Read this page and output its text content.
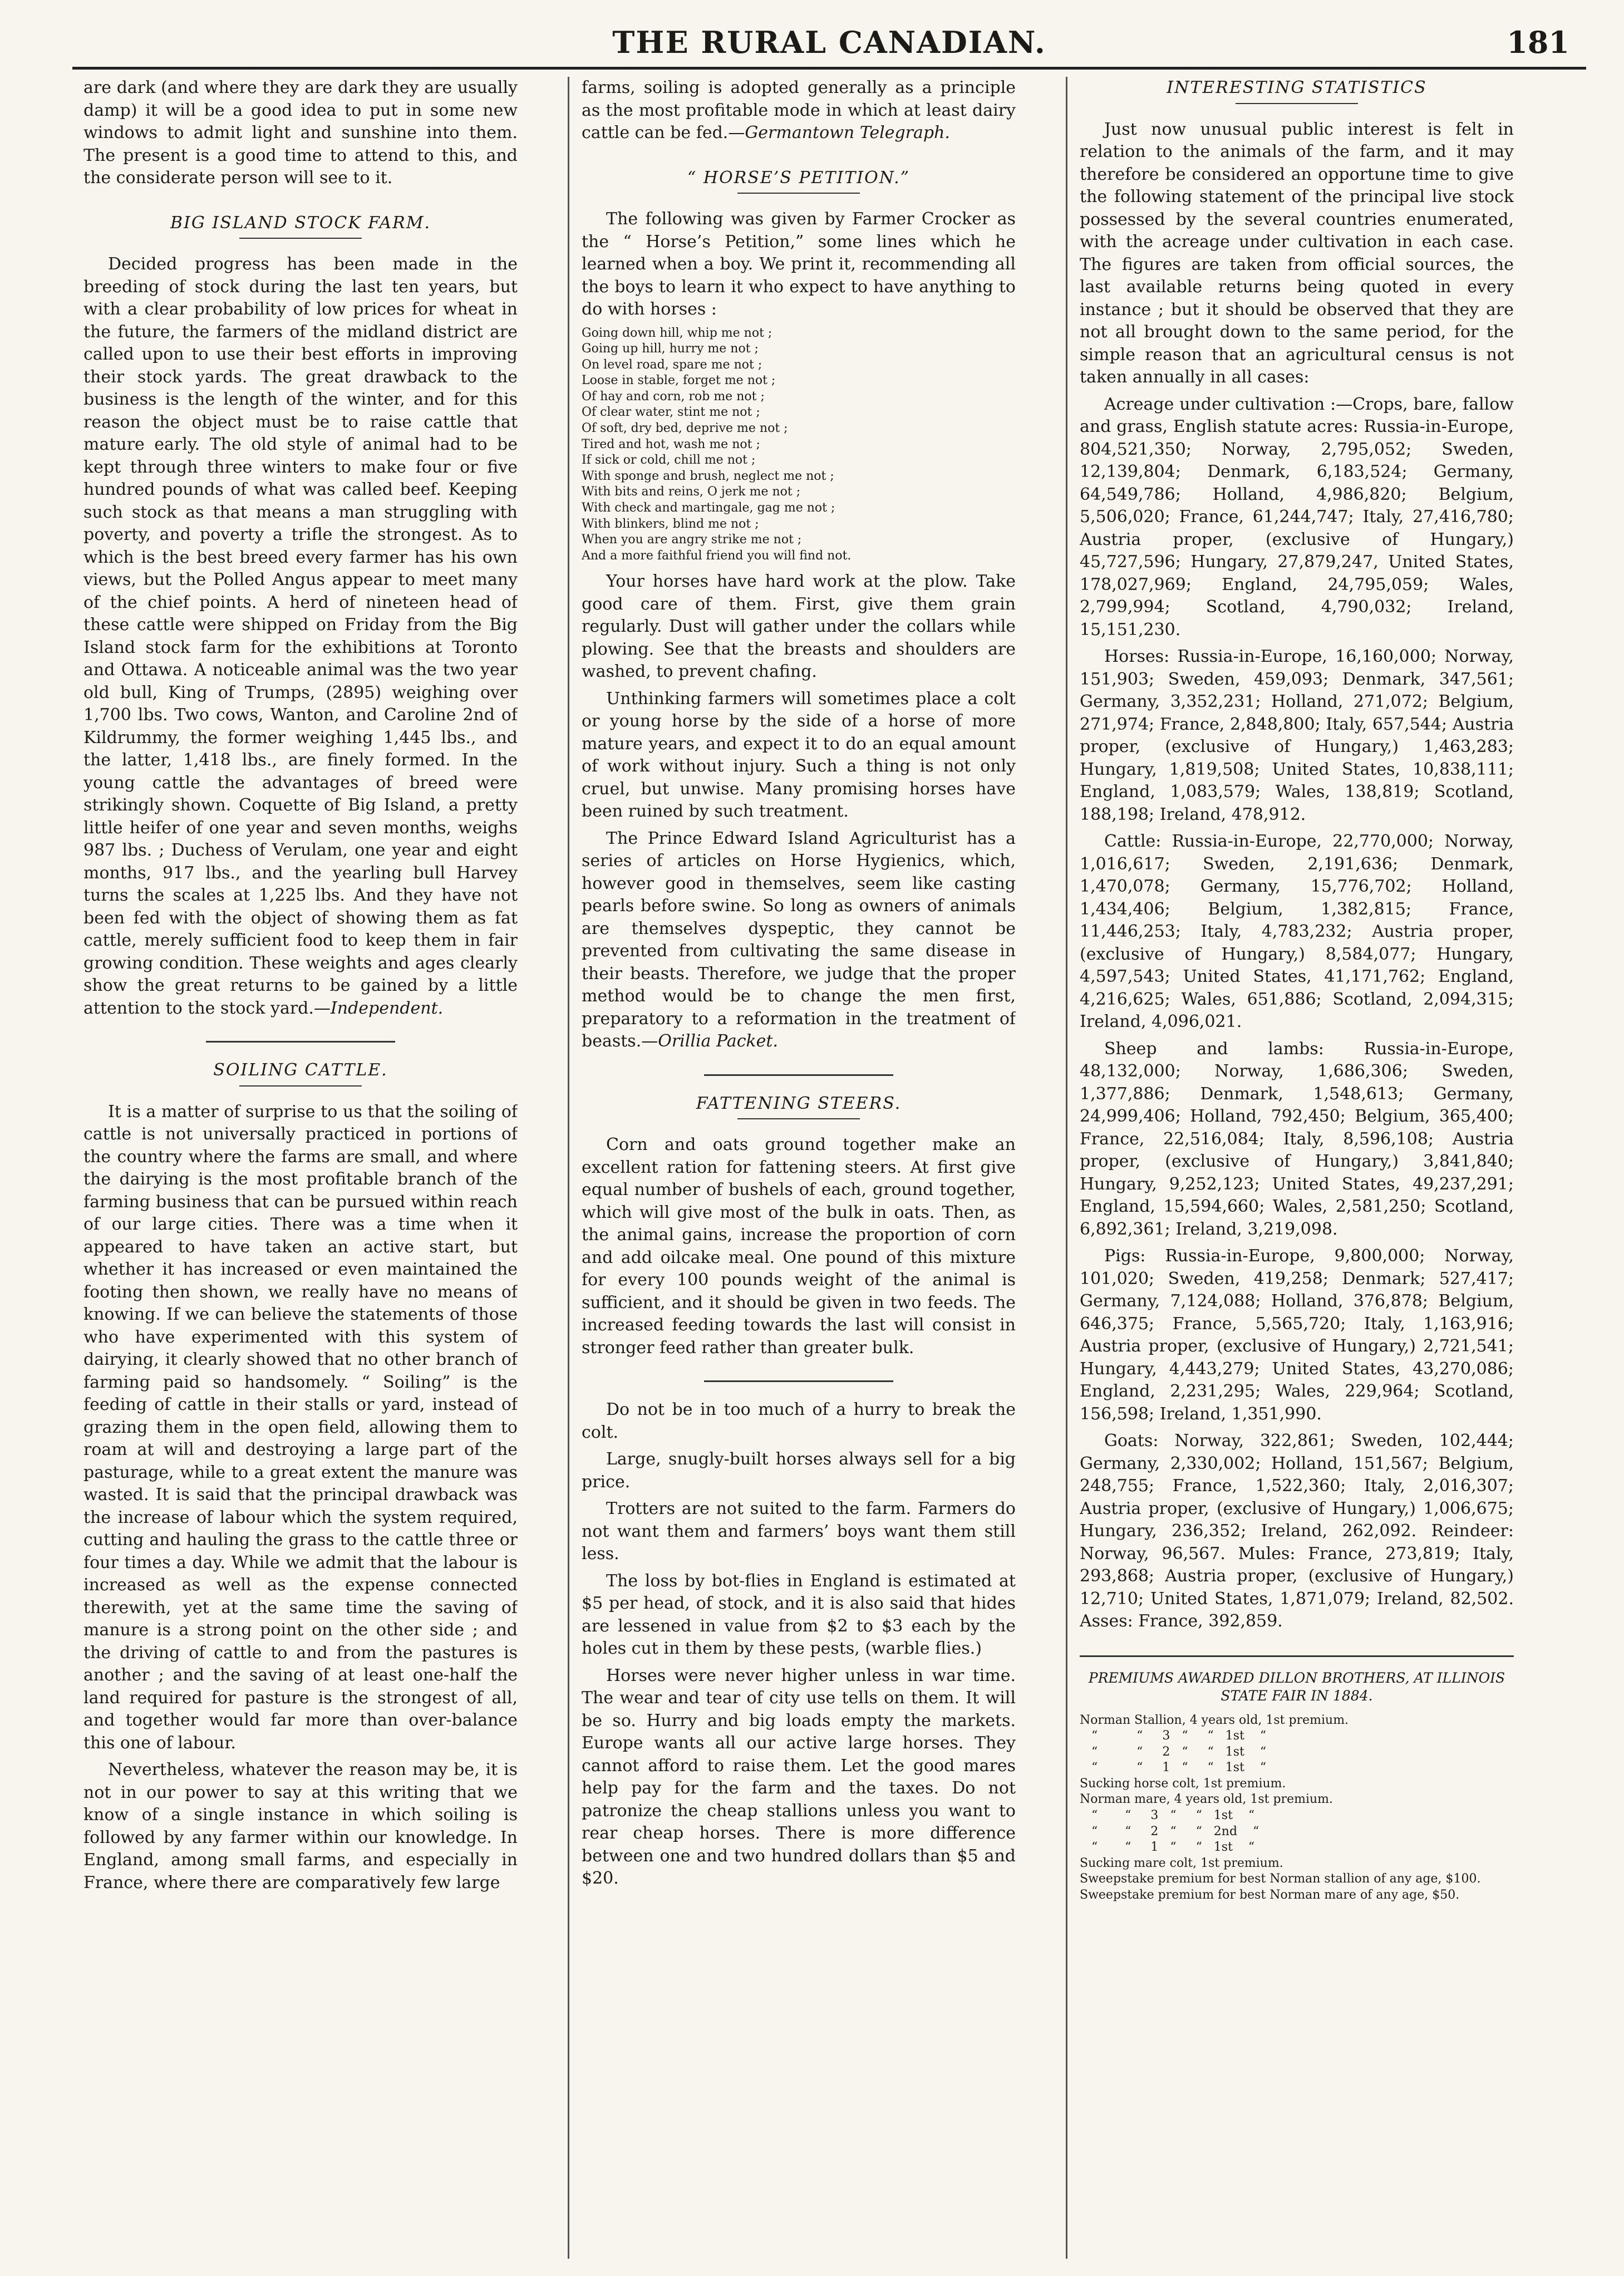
THE RURAL CANADIAN.	181

are dark (and where they are dark they are usually damp) it will be a good idea to put in some new windows to admit light and sunshine into them. The present is a good time to attend to this, and the considerate person will see to it.

BIG ISLAND STOCK FARM.

Decided progress has been made in the breeding of stock during the last ten years, but with a clear probability of low prices for wheat in the future, the farmers of the midland district are called upon to use their best efforts in improving their stock yards. The great drawback to the business is the length of the winter, and for this reason the object must be to raise cattle that mature early. The old style of animal had to be kept through three winters to make four or five hundred pounds of what was called beef. Keeping such stock as that means a man struggling with poverty, and poverty a trifle the strongest. As to which is the best breed every farmer has his own views, but the Polled Angus appear to meet many of the chief points. A herd of nineteen head of these cattle were shipped on Friday from the Big Island stock farm for the exhibitions at Toronto and Ottawa. A noticeable animal was the two year old bull, King of Trumps, (2895) weighing over 1,700 lbs. Two cows, Wanton, and Caroline 2nd of Kildrummy, the former weighing 1,445 lbs., and the latter, 1,418 lbs., are finely formed. In the young cattle the advantages of breed were strikingly shown. Coquette of Big Island, a pretty little heifer of one year and seven months, weighs 987 lbs. ; Duchess of Verulam, one year and eight months, 917 lbs., and the yearling bull Harvey turns the scales at 1,225 lbs. And they have not been fed with the object of showing them as fat cattle, merely sufficient food to keep them in fair growing condition. These weights and ages clearly show the great returns to be gained by a little attention to the stock yard.—Independent.

SOILING CATTLE.

It is a matter of surprise to us that the soiling of cattle is not universally practiced in portions of the country where the farms are small, and where the dairying is the most profitable branch of the farming business that can be pursued within reach of our large cities. There was a time when it appeared to have taken an active start, but whether it has increased or even maintained the footing then shown, we really have no means of knowing. If we can believe the statements of those who have experimented with this system of dairying, it clearly showed that no other branch of farming paid so handsomely. “ Soiling” is the feeding of cattle in their stalls or yard, instead of grazing them in the open field, allowing them to roam at will and destroying a large part of the pasturage, while to a great extent the manure was wasted. It is said that the principal drawback was the increase of labour which the system required, cutting and hauling the grass to the cattle three or four times a day. While we admit that the labour is increased as well as the expense connected therewith, yet at the same time the saving of manure is a strong point on the other side ; and the driving of cattle to and from the pastures is another ; and the saving of at least one-half the land required for pasture is the strongest of all, and together would far more than over-balance this one of labour.

Nevertheless, whatever the reason may be, it is not in our power to say at this writing that we know of a single instance in which soiling is followed by any farmer within our knowledge. In England, among small farms, and especially in France, where there are comparatively few large

farms, soiling is adopted generally as a principle as the most profitable mode in which at least dairy cattle can be fed.—Germantown Telegraph.

“ HORSE’S PETITION.”

The following was given by Farmer Crocker as the “ Horse’s Petition,” some lines which he learned when a boy. We print it, recommending all the boys to learn it who expect to have anything to do with horses :

Going down hill, whip me not ;
Going up hill, hurry me not ;
On level road, spare me not ;
Loose in stable, forget me not ;
Of hay and corn, rob me not ;
Of clear water, stint me not ;
Of soft, dry bed, deprive me not ;
Tired and hot, wash me not ;
If sick or cold, chill me not ;
With sponge and brush, neglect me not ;
With bits and reins, O jerk me not ;
With check and martingale, gag me not ;
With blinkers, blind me not ;
When you are angry strike me not ;
And a more faithful friend you will find not.

Your horses have hard work at the plow. Take good care of them. First, give them grain regularly. Dust will gather under the collars while plowing. See that the breasts and shoulders are washed, to prevent chafing.

Unthinking farmers will sometimes place a colt or young horse by the side of a horse of more mature years, and expect it to do an equal amount of work without injury. Such a thing is not only cruel, but unwise. Many promising horses have been ruined by such treatment.

The Prince Edward Island Agriculturist has a series of articles on Horse Hygienics, which, however good in themselves, seem like casting pearls before swine. So long as owners of animals are themselves dyspeptic, they cannot be prevented from cultivating the same disease in their beasts. Therefore, we judge that the proper method would be to change the men first, preparatory to a reformation in the treatment of beasts.—Orillia Packet.

FATTENING STEERS.

Corn and oats ground together make an excellent ration for fattening steers. At first give equal number of bushels of each, ground together, which will give most of the bulk in oats. Then, as the animal gains, increase the proportion of corn and add oilcake meal. One pound of this mixture for every 100 pounds weight of the animal is sufficient, and it should be given in two feeds. The increased feeding towards the last will consist in stronger feed rather than greater bulk.

Do not be in too much of a hurry to break the colt.

Large, snugly-built horses always sell for a big price.

Trotters are not suited to the farm. Farmers do not want them and farmers’ boys want them still less.

The loss by bot-flies in England is estimated at $5 per head, of stock, and it is also said that hides are lessened in value from $2 to $3 each by the holes cut in them by these pests, (warble flies.)

Horses were never higher unless in war time. The wear and tear of city use tells on them. It will be so. Hurry and big loads empty the markets. Europe wants all our active large horses. They cannot afford to raise them. Let the good mares help pay for the farm and the taxes. Do not patronize the cheap stallions unless you want to rear cheap horses. There is more difference between one and two hundred dollars than $5 and $20.

INTERESTING STATISTICS

Just now unusual public interest is felt in relation to the animals of the farm, and it may therefore be considered an opportune time to give the following statement of the principal live stock possessed by the several countries enumerated, with the acreage under cultivation in each case. The figures are taken from official sources, the last available returns being quoted in every instance ; but it should be observed that they are not all brought down to the same period, for the simple reason that an agricultural census is not taken annually in all cases:

Acreage under cultivation :—Crops, bare, fallow and grass, English statute acres: Russia-in-Europe, 804,521,350; Norway, 2,795,052; Sweden, 12,139,804; Denmark, 6,183,524; Germany, 64,549,786; Holland, 4,986,820; Belgium, 5,506,020; France, 61,244,747; Italy, 27,416,780; Austria proper, (exclusive of Hungary,) 45,727,596; Hungary, 27,879,247, United States, 178,027,969; England, 24,795,059; Wales, 2,799,994; Scotland, 4,790,032; Ireland, 15,151,230.

Horses: Russia-in-Europe, 16,160,000; Norway, 151,903; Sweden, 459,093; Denmark, 347,561; Germany, 3,352,231; Holland, 271,072; Belgium, 271,974; France, 2,848,800; Italy, 657,544; Austria proper, (exclusive of Hungary,) 1,463,283; Hungary, 1,819,508; United States, 10,838,111; England, 1,083,579; Wales, 138,819; Scotland, 188,198; Ireland, 478,912.

Cattle: Russia-in-Europe, 22,770,000; Norway, 1,016,617; Sweden, 2,191,636; Denmark, 1,470,078; Germany, 15,776,702; Holland, 1,434,406; Belgium, 1,382,815; France, 11,446,253; Italy, 4,783,232; Austria proper, (exclusive of Hungary,) 8,584,077; Hungary, 4,597,543; United States, 41,171,762; England, 4,216,625; Wales, 651,886; Scotland, 2,094,315; Ireland, 4,096,021.

Sheep and lambs: Russia-in-Europe, 48,132,000; Norway, 1,686,306; Sweden, 1,377,886; Denmark, 1,548,613; Germany, 24,999,406; Holland, 792,450; Belgium, 365,400; France, 22,516,084; Italy, 8,596,108; Austria proper, (exclusive of Hungary,) 3,841,840; Hungary, 9,252,123; United States, 49,237,291; England, 15,594,660; Wales, 2,581,250; Scotland, 6,892,361; Ireland, 3,219,098.

Pigs: Russia-in-Europe, 9,800,000; Norway, 101,020; Sweden, 419,258; Denmark; 527,417; Germany, 7,124,088; Holland, 376,878; Belgium, 646,375; France, 5,565,720; Italy, 1,163,916; Austria proper, (exclusive of Hungary,) 2,721,541; Hungary, 4,443,279; United States, 43,270,086; England, 2,231,295; Wales, 229,964; Scotland, 156,598; Ireland, 1,351,990.

Goats: Norway, 322,861; Sweden, 102,444; Germany, 2,330,002; Holland, 151,567; Belgium, 248,755; France, 1,522,360; Italy, 2,016,307; Austria proper, (exclusive of Hungary,) 1,006,675; Hungary, 236,352; Ireland, 262,092. Reindeer: Norway, 96,567. Mules: France, 273,819; Italy, 293,868; Austria proper, (exclusive of Hungary,) 12,710; United States, 1,871,079; Ireland, 82,502. Asses: France, 392,859.

PREMIUMS AWARDED DILLON BROTHERS, AT ILLINOIS STATE FAIR IN 1884.
Norman Stallion, 4 years old, 1st premium.
“          “     3   “     “   1st    “
“          “     2   “     “   1st    “
“          “     1   “     “   1st    “
Sucking horse colt, 1st premium.
Norman mare, 4 years old, 1st premium.
“       “     3   “     “   1st    “
“       “     2   “     “   2nd    “
“       “     1   “     “   1st    “
Sucking mare colt, 1st premium.
Sweepstake premium for best Norman stallion of any age, $100.
Sweepstake premium for best Norman mare of any age, $50.
